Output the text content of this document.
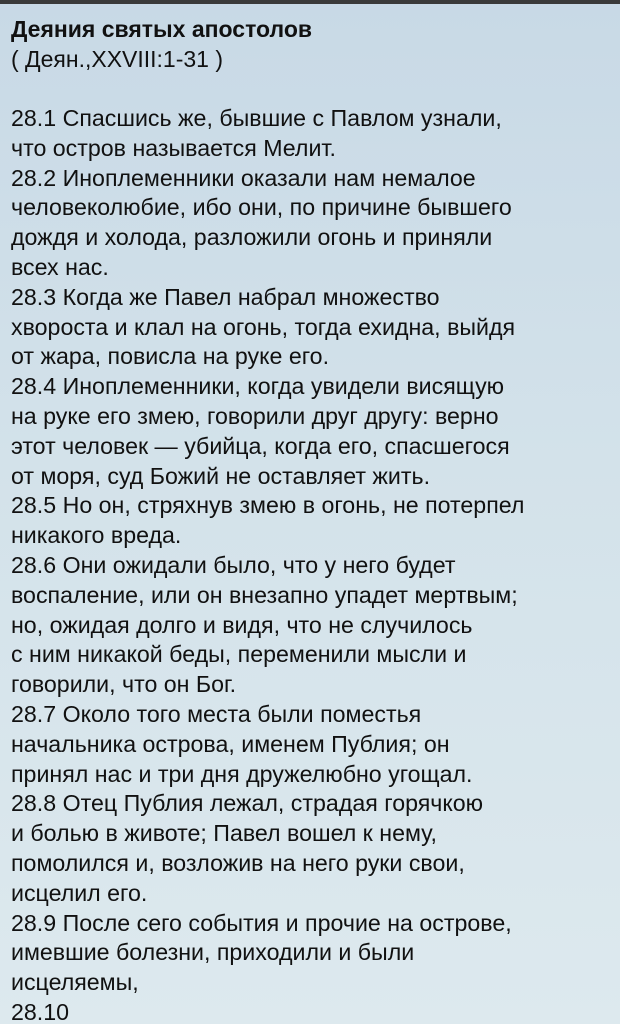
Деяния святых апостолов
( Деян.,XXVIII:1-31 )
28.1 Спасшись же, бывшие с Павлом узнали,
что остров называется Мелит.
28.2 Иноплеменники оказали нам немалое
человеколюбие, ибо они, по причине бывшего
дождя и холода, разложили огонь и приняли
всех нас.
28.3 Когда же Павел набрал множество
хвороста и клал на огонь, тогда ехидна, выйдя
от жара, повисла на руке его.
28.4 Иноплеменники, когда увидели висящую
на руке его змею, говорили друг другу: верно
этот человек — убийца, когда его, спасшегося
от моря, суд Божий не оставляет жить.
28.5 Но он, стряхнув змею в огонь, не потерпел
никакого вреда.
28.6 Они ожидали было, что у него будет
воспаление, или он внезапно упадет мертвым;
но, ожидая долго и видя, что не случилось
с ним никакой беды, переменили мысли и
говорили, что он Бог.
28.7 Около того места были поместья
начальника острова, именем Публия; он
принял нас и три дня дружелюбно угощал.
28.8 Отец Публия лежал, страдая горячкою
и болью в животе; Павел вошел к нему,
помолился и, возложив на него руки свои,
исцелил его.
28.9 После сего события и прочие на острове,
имевшие болезни, приходили и были
исцеляемы,
28.10
